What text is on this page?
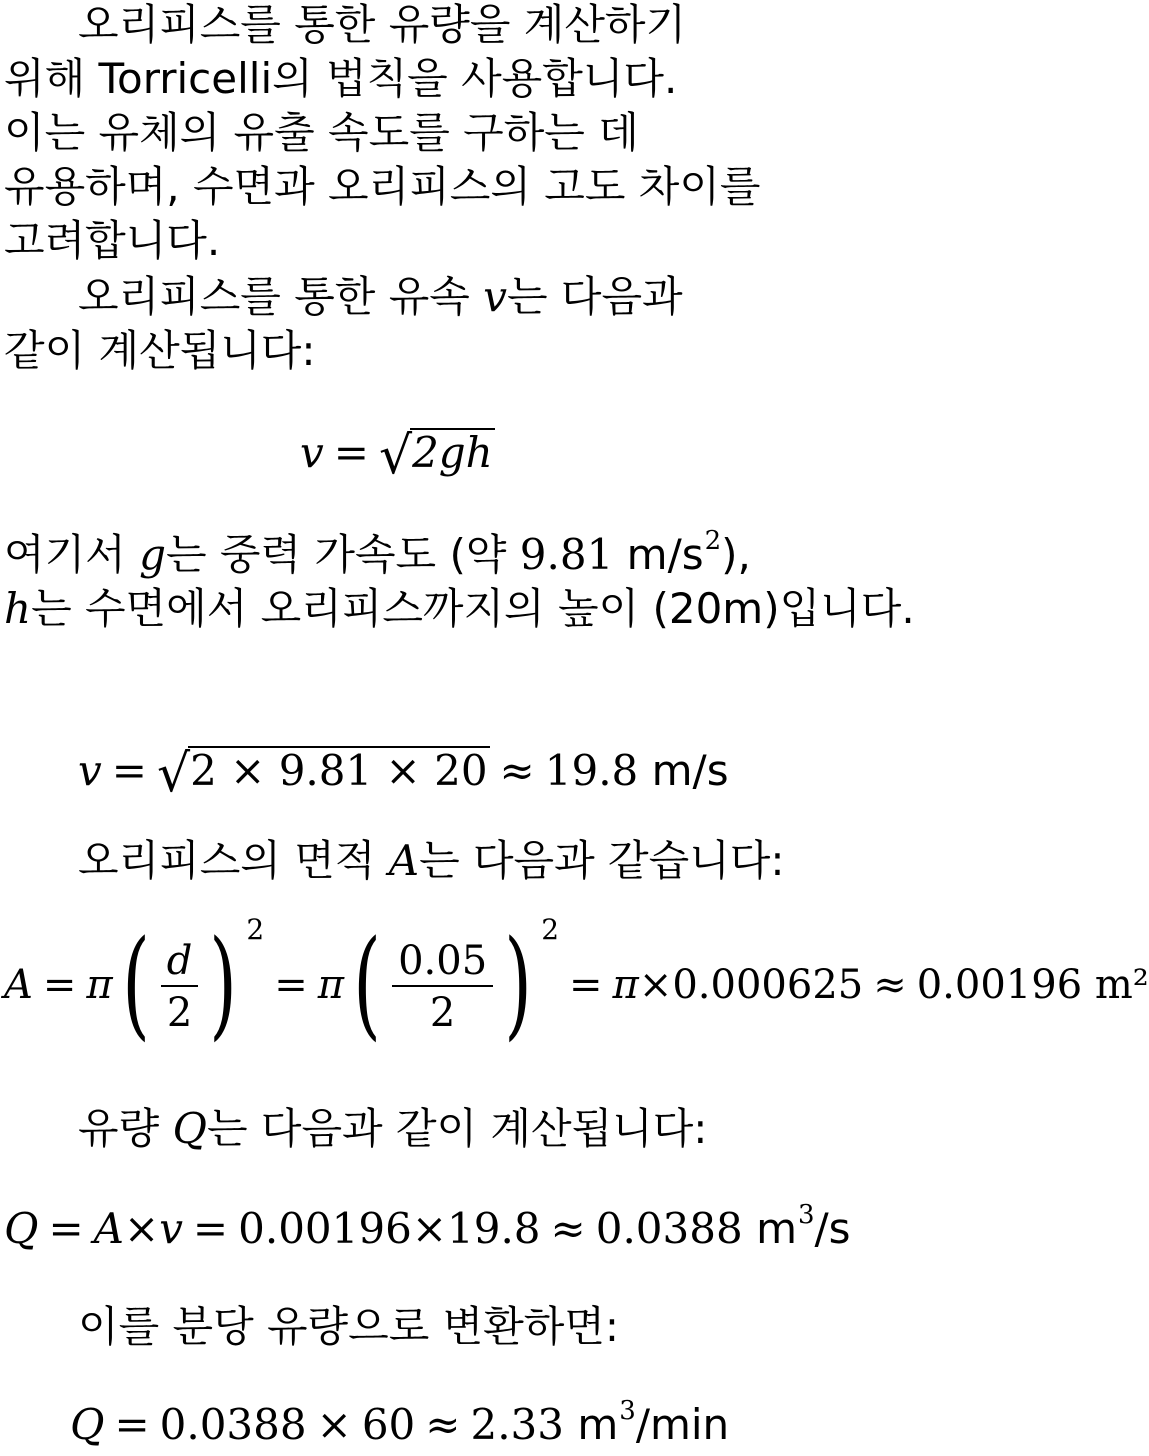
오리피스를 통한 유량을 계산하기
위해 Torricelli의 법칙을 사용합니다.
이는 유체의 유출 속도를 구하는 데
유용하며, 수면과 오리피스의 고도 차이를
고려합니다.
오리피스를 통한 유속 v는 다음과
같이 계산됩니다:
v = √2gh
여기서 g는 중력 가속도 (약 9.81 $m/s^2$),
h는 수면에서 오리피스까지의 높이 (20m)입니다.
v = √2 × 9.81 × 20 ≈ 19.8 m/s
오리피스의 면적 A는 다음과 같습니다:
$A = \pi( \frac{d}{2}$ ) $^2= \pi( \frac{0.05}{2}$ ) $^2$= π×0.000625 ≈ 0.00196 m²
유량 Q는 다음과 같이 계산됩니다:
Q = A×v = 0.00196×19.8 ≈ 0.0388 $m^3/s$
이를 분당 유량으로 변환하면:
Q = 0.0388 × 60 ≈ 2.33 $m^3/\min$
